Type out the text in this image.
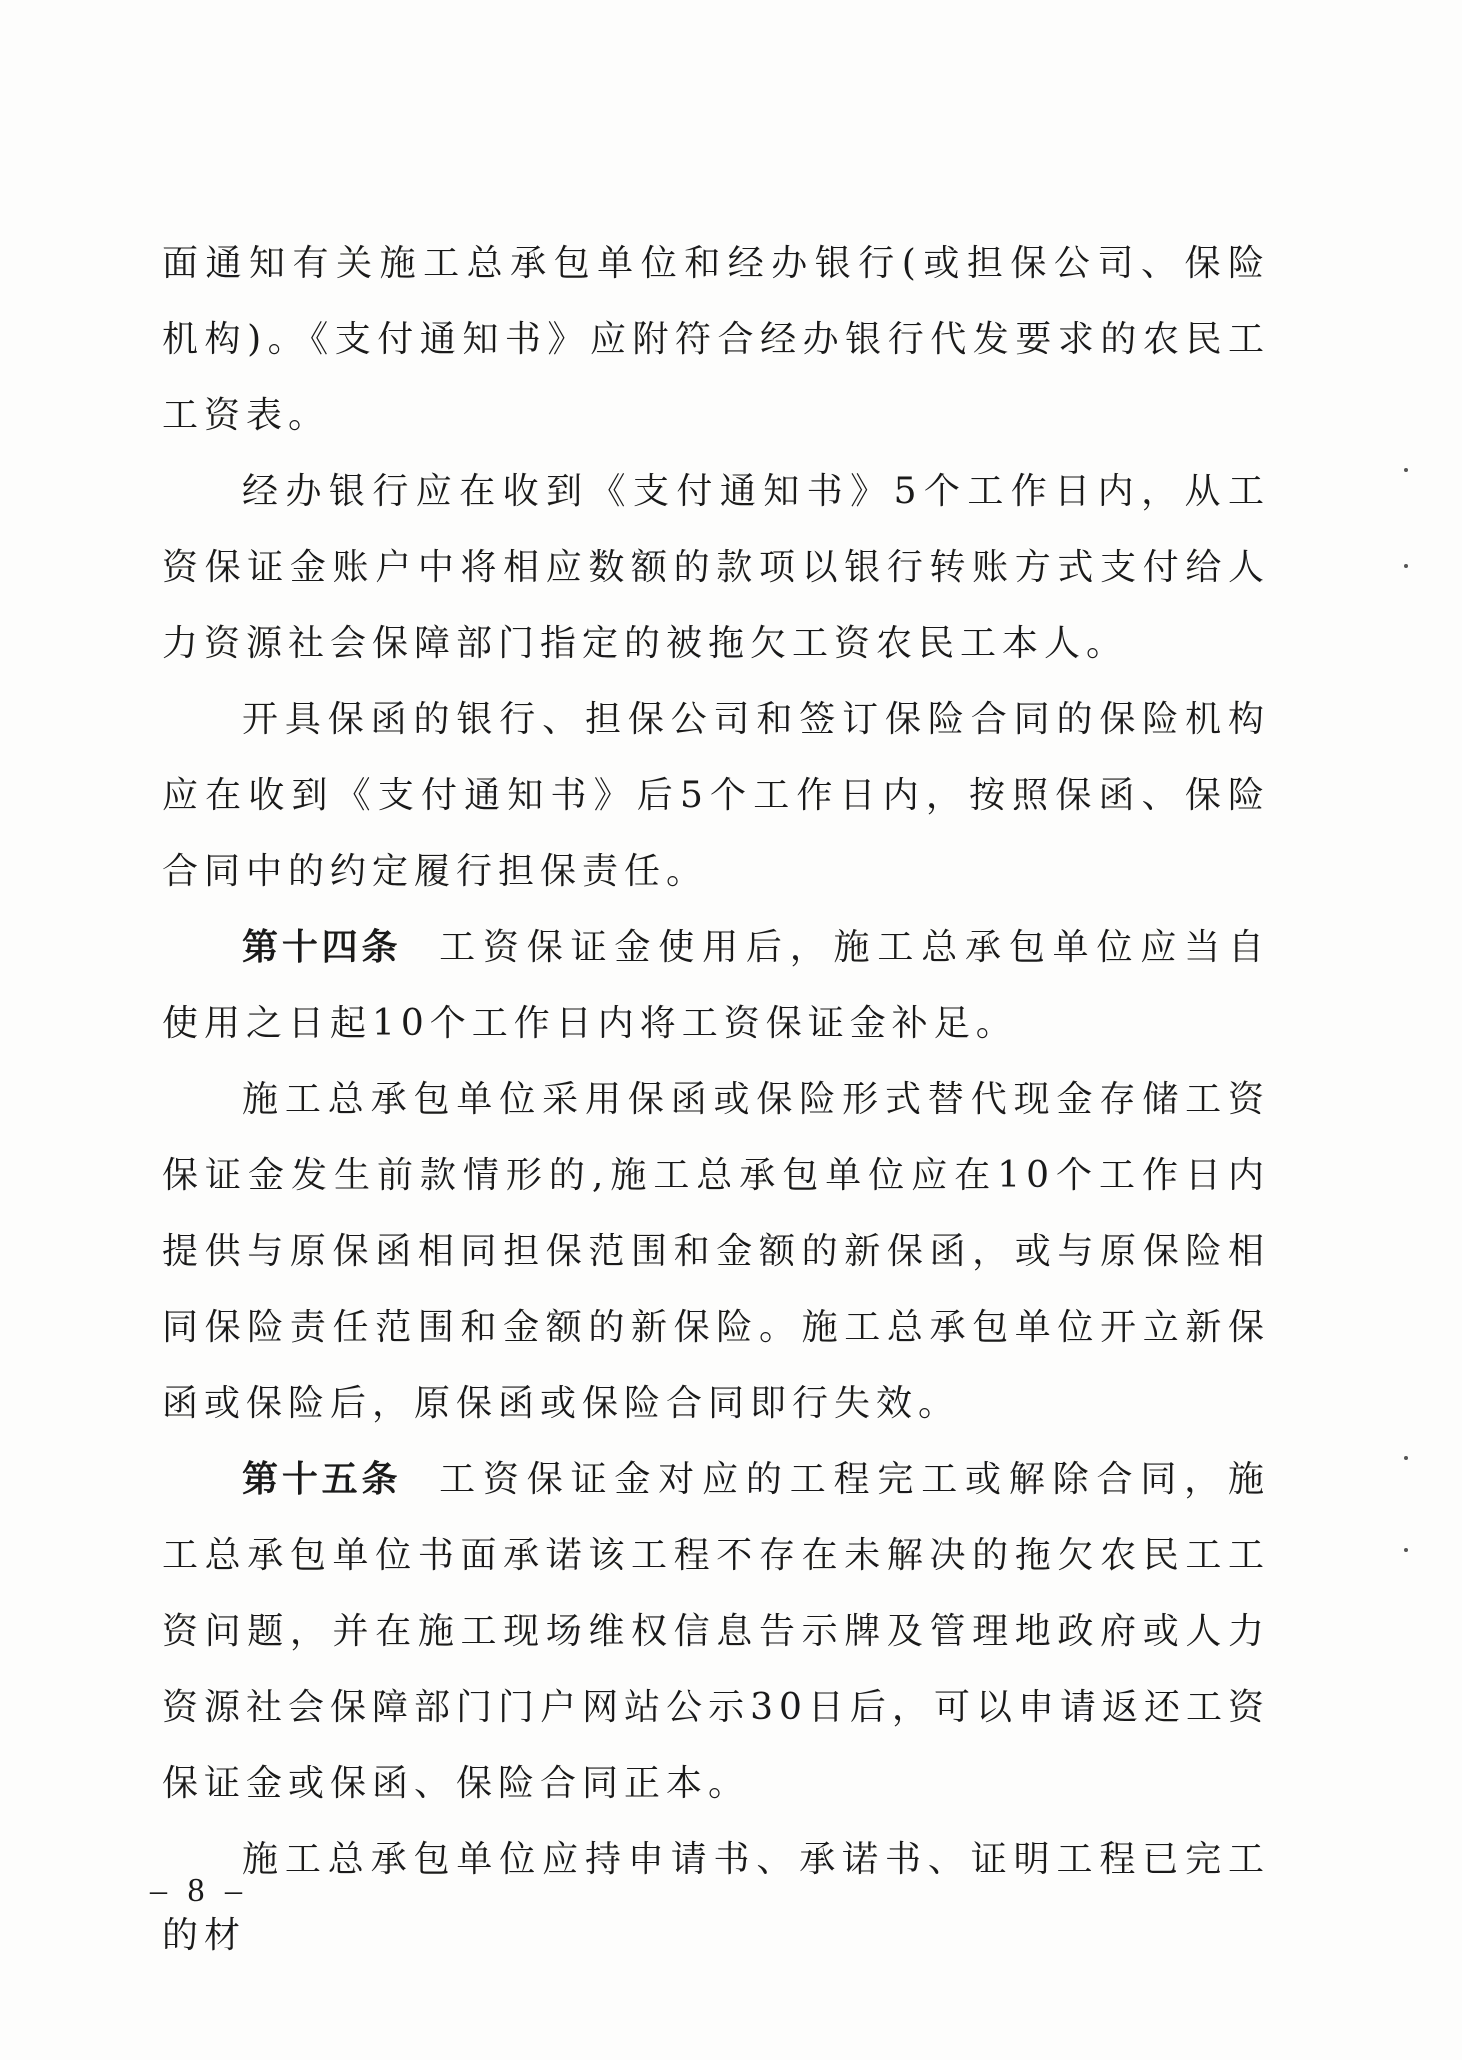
面通知有关施工总承包单位和经办银行(或担保公司、保险机构)。《支付通知书》应附符合经办银行代发要求的农民工工资表。

经办银行应在收到《支付通知书》5个工作日内，从工资保证金账户中将相应数额的款项以银行转账方式支付给人力资源社会保障部门指定的被拖欠工资农民工本人。

开具保函的银行、担保公司和签订保险合同的保险机构应在收到《支付通知书》后5个工作日内，按照保函、保险合同中的约定履行担保责任。

第十四条 工资保证金使用后，施工总承包单位应当自使用之日起10个工作日内将工资保证金补足。

施工总承包单位采用保函或保险形式替代现金存储工资保证金发生前款情形的,施工总承包单位应在10个工作日内提供与原保函相同担保范围和金额的新保函，或与原保险相同保险责任范围和金额的新保险。施工总承包单位开立新保函或保险后，原保函或保险合同即行失效。

第十五条 工资保证金对应的工程完工或解除合同，施工总承包单位书面承诺该工程不存在未解决的拖欠农民工工资问题，并在施工现场维权信息告示牌及管理地政府或人力资源社会保障部门门户网站公示30日后，可以申请返还工资保证金或保函、保险合同正本。

施工总承包单位应持申请书、承诺书、证明工程已完工的材

– 8 –
